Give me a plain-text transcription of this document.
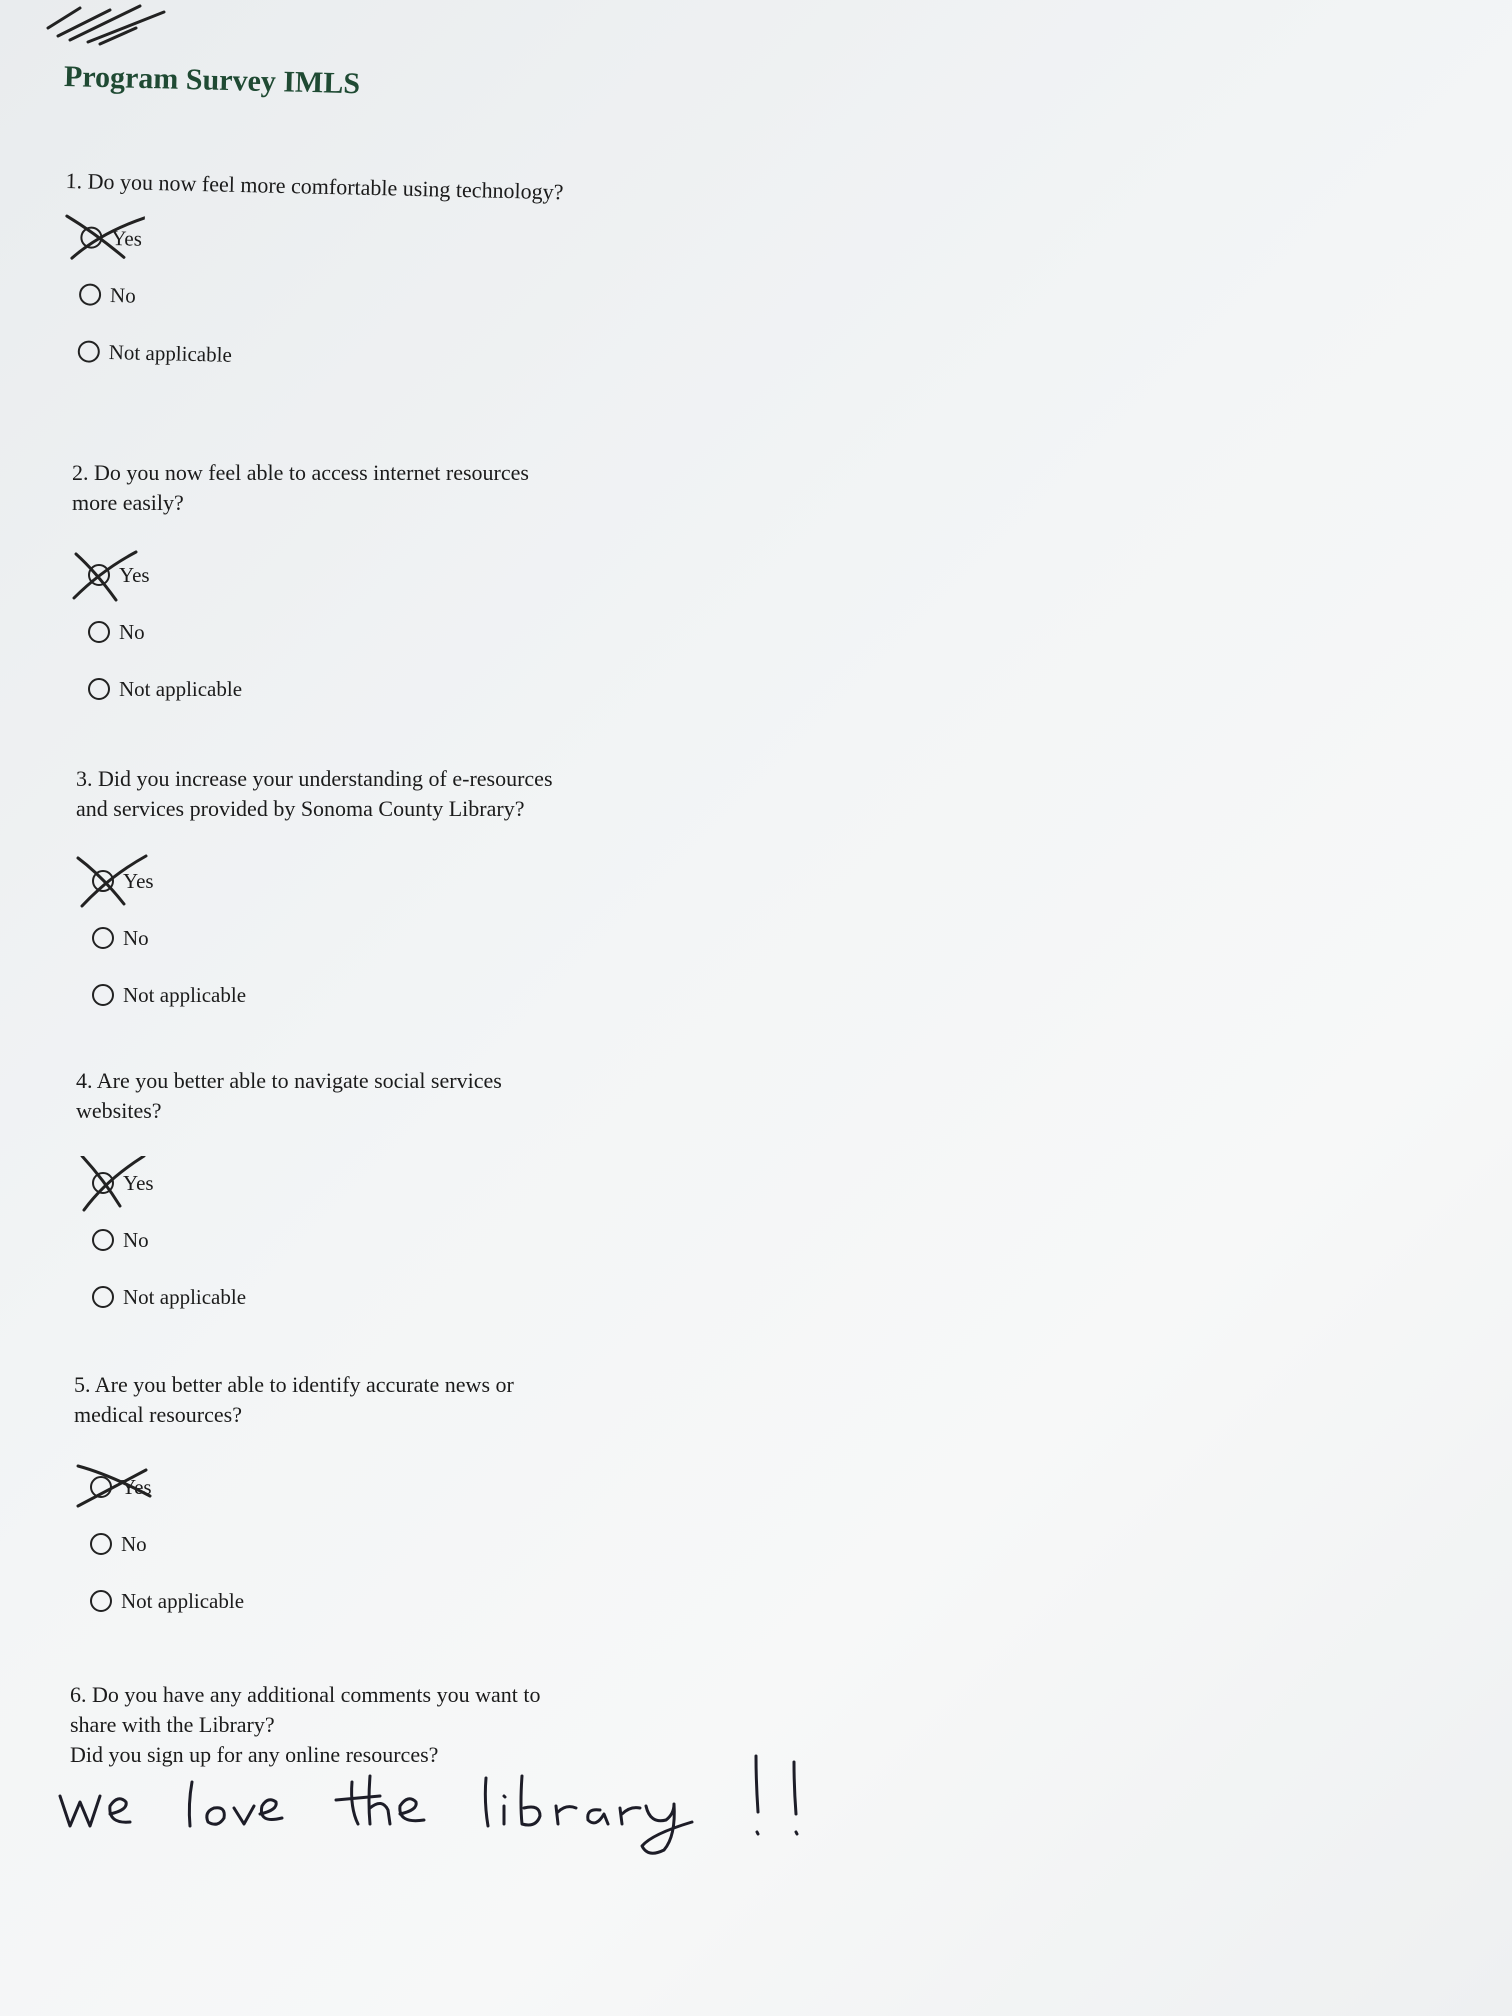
Program Survey IMLS
1. Do you now feel more comfortable using technology?
Yes
No
Not applicable
2. Do you now feel able to access internet resources
more easily?
Yes
No
Not applicable
3. Did you increase your understanding of e-resources
and services provided by Sonoma County Library?
Yes
No
Not applicable
4. Are you better able to navigate social services
websites?
Yes
No
Not applicable
5. Are you better able to identify accurate news or
medical resources?
Yes
No
Not applicable
6. Do you have any additional comments you want to
share with the Library?
Did you sign up for any online resources?
